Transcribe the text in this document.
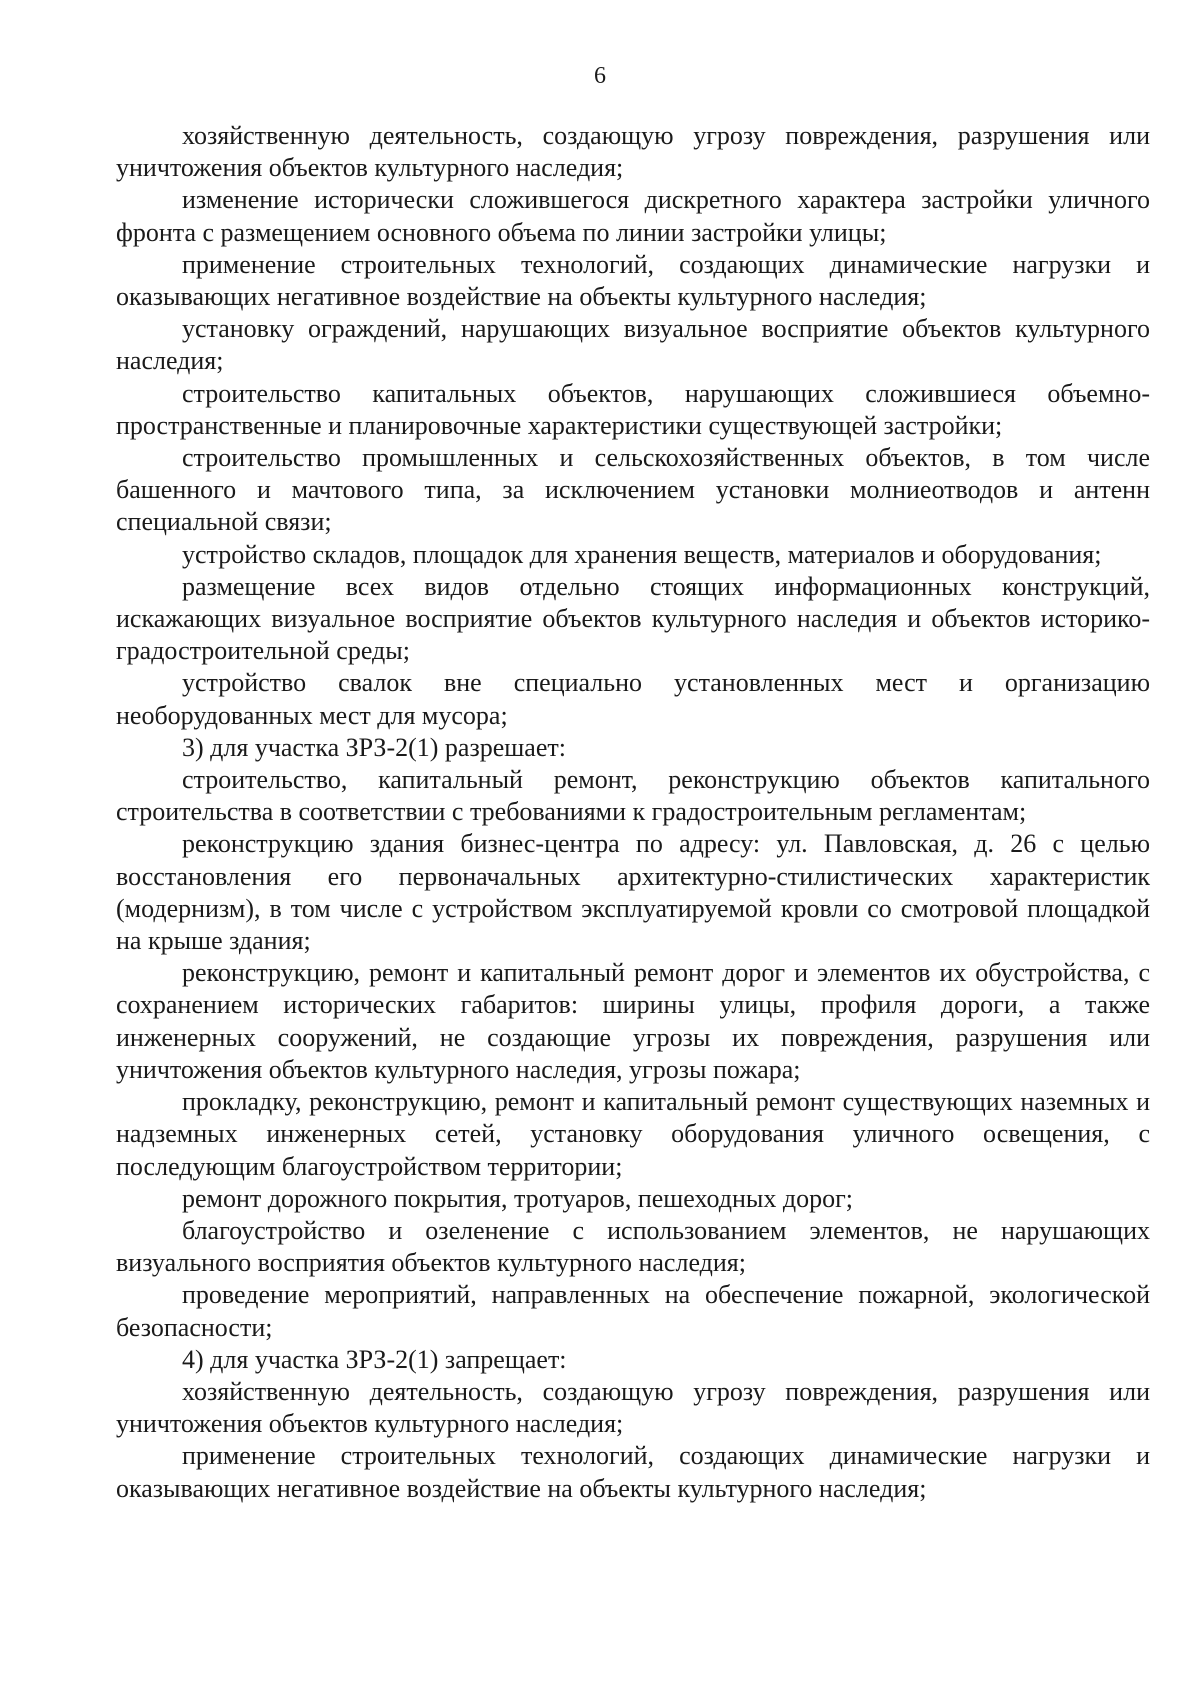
6

хозяйственную деятельность, создающую угрозу повреждения, разрушения или уничтожения объектов культурного наследия;

изменение исторически сложившегося дискретного характера застройки уличного фронта с размещением основного объема по линии застройки улицы;

применение строительных технологий, создающих динамические нагрузки и оказывающих негативное воздействие на объекты культурного наследия;

установку ограждений, нарушающих визуальное восприятие объектов культурного наследия;

строительство капитальных объектов, нарушающих сложившиеся объемно-пространственные и планировочные характеристики существующей застройки;

строительство промышленных и сельскохозяйственных объектов, в том числе башенного и мачтового типа, за исключением установки молниеотводов и антенн специальной связи;

устройство складов, площадок для хранения веществ, материалов и оборудования;

размещение всех видов отдельно стоящих информационных конструкций, искажающих визуальное восприятие объектов культурного наследия и объектов историко-градостроительной среды;

устройство свалок вне специально установленных мест и организацию необорудованных мест для мусора;

3) для участка ЗРЗ-2(1) разрешает:

строительство, капитальный ремонт, реконструкцию объектов капитального строительства в соответствии с требованиями к градостроительным регламентам;

реконструкцию здания бизнес-центра по адресу: ул. Павловская, д. 26 с целью восстановления его первоначальных архитектурно-стилистических характеристик (модернизм), в том числе с устройством эксплуатируемой кровли со смотровой площадкой на крыше здания;

реконструкцию, ремонт и капитальный ремонт дорог и элементов их обустройства, с сохранением исторических габаритов: ширины улицы, профиля дороги, а также инженерных сооружений, не создающие угрозы их повреждения, разрушения или уничтожения объектов культурного наследия, угрозы пожара;

прокладку, реконструкцию, ремонт и капитальный ремонт существующих наземных и надземных инженерных сетей, установку оборудования уличного освещения, с последующим благоустройством территории;

ремонт дорожного покрытия, тротуаров, пешеходных дорог;

благоустройство и озеленение с использованием элементов, не нарушающих визуального восприятия объектов культурного наследия;

проведение мероприятий, направленных на обеспечение пожарной, экологической безопасности;

4) для участка ЗРЗ-2(1) запрещает:

хозяйственную деятельность, создающую угрозу повреждения, разрушения или уничтожения объектов культурного наследия;

применение строительных технологий, создающих динамические нагрузки и оказывающих негативное воздействие на объекты культурного наследия;
